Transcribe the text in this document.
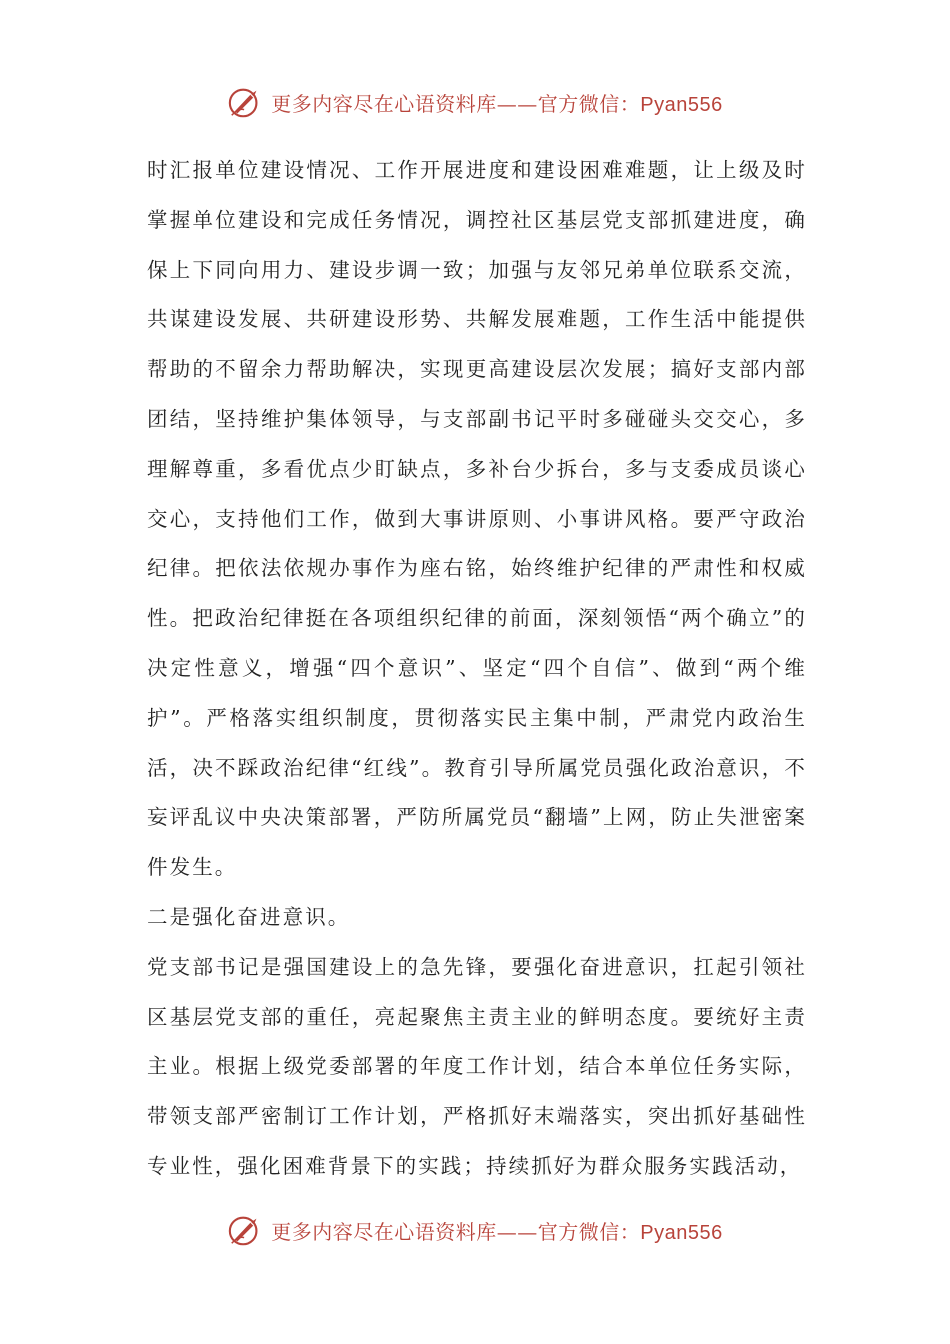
更多内容尽在心语资料库——官方微信：Pyan556

时汇报单位建设情况、工作开展进度和建设困难难题，让上级及时掌握单位建设和完成任务情况，调控社区基层党支部抓建进度，确保上下同向用力、建设步调一致；加强与友邻兄弟单位联系交流，共谋建设发展、共研建设形势、共解发展难题，工作生活中能提供帮助的不留余力帮助解决，实现更高建设层次发展；搞好支部内部团结，坚持维护集体领导，与支部副书记平时多碰碰头交交心，多理解尊重，多看优点少盯缺点，多补台少拆台，多与支委成员谈心交心，支持他们工作，做到大事讲原则、小事讲风格。要严守政治纪律。把依法依规办事作为座右铭，始终维护纪律的严肃性和权威性。把政治纪律挺在各项组织纪律的前面，深刻领悟“两个确立”的决定性意义，增强“四个意识”、坚定“四个自信”、做到“两个维护”。严格落实组织制度，贯彻落实民主集中制，严肃党内政治生活，决不踩政治纪律“红线”。教育引导所属党员强化政治意识，不妄评乱议中央决策部署，严防所属党员“翻墙”上网，防止失泄密案件发生。

二是强化奋进意识。

党支部书记是强国建设上的急先锋，要强化奋进意识，扛起引领社区基层党支部的重任，亮起聚焦主责主业的鲜明态度。要统好主责主业。根据上级党委部署的年度工作计划，结合本单位任务实际，带领支部严密制订工作计划，严格抓好末端落实，突出抓好基础性专业性，强化困难背景下的实践；持续抓好为群众服务实践活动，

更多内容尽在心语资料库——官方微信：Pyan556
